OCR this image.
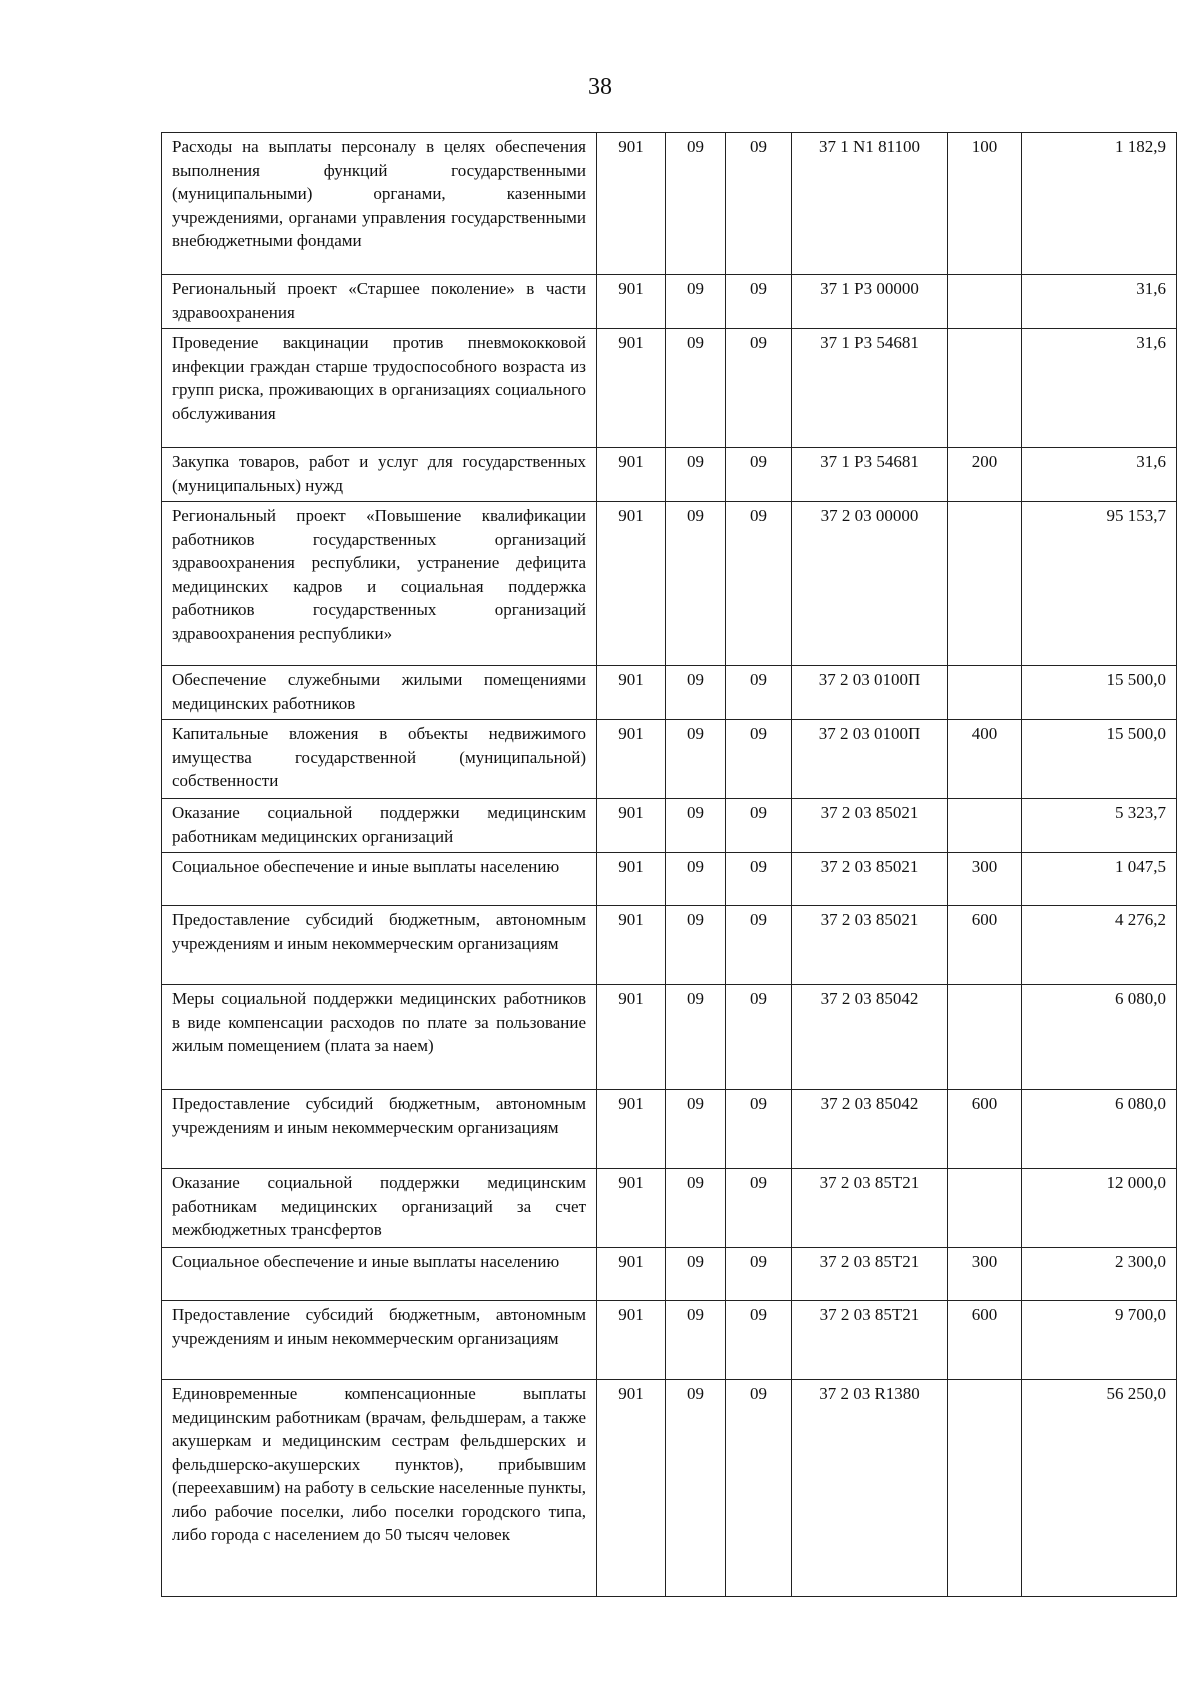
38
Расходы на выплаты персоналу в целях обеспечения выполнения функций государственными (муниципальными) органами, казенными учреждениями, органами управления государственными внебюджетными фондами	901	09	09	37 1 N1 81100	100	1 182,9
Региональный проект «Старшее поколение» в части здравоохранения	901	09	09	37 1 P3 00000		31,6
Проведение вакцинации против пневмококковой инфекции граждан старше трудоспособного возраста из групп риска, проживающих в организациях социального обслуживания	901	09	09	37 1 P3 54681		31,6
Закупка товаров, работ и услуг для государственных (муниципальных) нужд	901	09	09	37 1 P3 54681	200	31,6
Региональный проект «Повышение квалификации работников государственных организаций здравоохранения республики, устранение дефицита медицинских кадров и социальная поддержка работников государственных организаций здравоохранения республики»	901	09	09	37 2 03 00000		95 153,7
Обеспечение служебными жилыми помещениями медицинских работников	901	09	09	37 2 03 0100П		15 500,0
Капитальные вложения в объекты недвижимого имущества государственной (муниципальной) собственности	901	09	09	37 2 03 0100П	400	15 500,0
Оказание социальной поддержки медицинским работникам медицинских организаций	901	09	09	37 2 03 85021		5 323,7
Социальное обеспечение и иные выплаты населению	901	09	09	37 2 03 85021	300	1 047,5
Предоставление субсидий бюджетным, автономным учреждениям и иным некоммерческим организациям	901	09	09	37 2 03 85021	600	4 276,2
Меры социальной поддержки медицинских работников в виде компенсации расходов по плате за пользование жилым помещением (плата за наем)	901	09	09	37 2 03 85042		6 080,0
Предоставление субсидий бюджетным, автономным учреждениям и иным некоммерческим организациям	901	09	09	37 2 03 85042	600	6 080,0
Оказание социальной поддержки медицинским работникам медицинских организаций за счет межбюджетных трансфертов	901	09	09	37 2 03 85Т21		12 000,0
Социальное обеспечение и иные выплаты населению	901	09	09	37 2 03 85Т21	300	2 300,0
Предоставление субсидий бюджетным, автономным учреждениям и иным некоммерческим организациям	901	09	09	37 2 03 85Т21	600	9 700,0
Единовременные компенсационные выплаты медицинским работникам (врачам, фельдшерам, а также акушеркам и медицинским сестрам фельдшерских и фельдшерско-акушерских пунктов), прибывшим (переехавшим) на работу в сельские населенные пункты, либо рабочие поселки, либо поселки городского типа, либо города с населением до 50 тысяч человек	901	09	09	37 2 03 R1380		56 250,0
